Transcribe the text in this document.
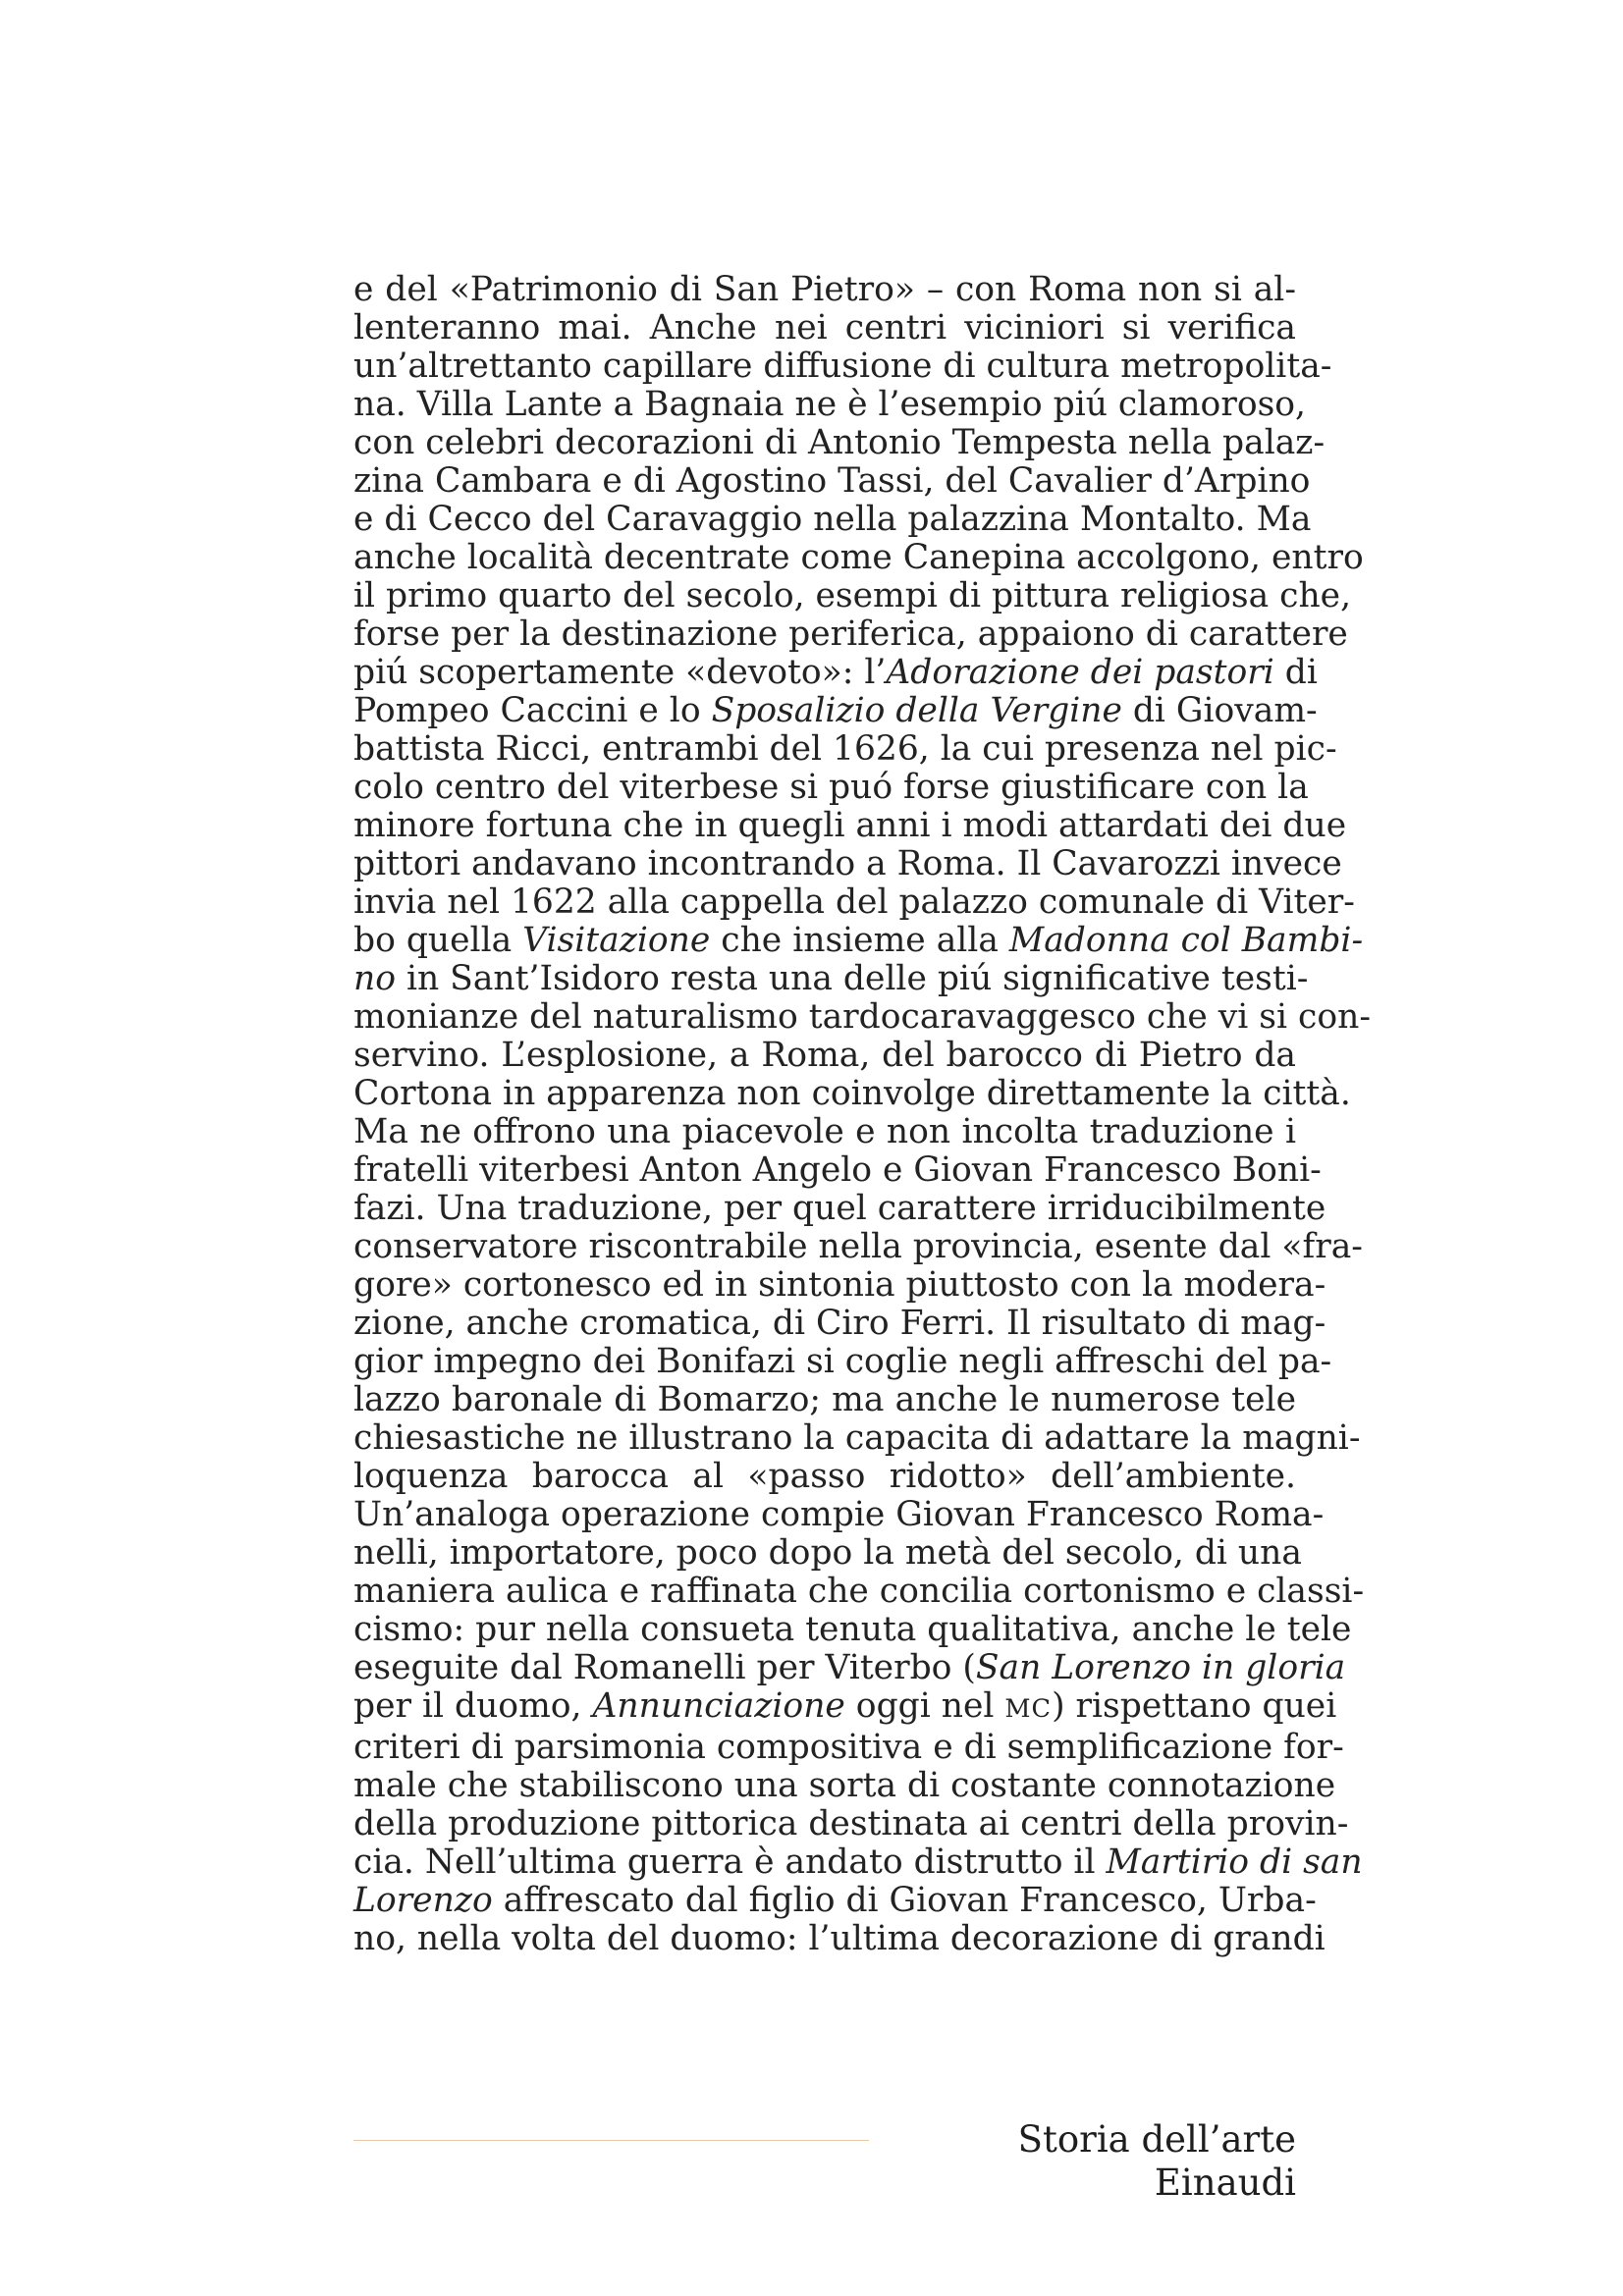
e del «Patrimonio di San Pietro» – con Roma non si al-
lenteranno mai. Anche nei centri viciniori si verifica
un’altrettanto capillare diffusione di cultura metropolita-
na. Villa Lante a Bagnaia ne è l’esempio piú clamoroso,
con celebri decorazioni di Antonio Tempesta nella palaz-
zina Cambara e di Agostino Tassi, del Cavalier d’Arpino
e di Cecco del Caravaggio nella palazzina Montalto. Ma
anche località decentrate come Canepina accolgono, entro
il primo quarto del secolo, esempi di pittura religiosa che,
forse per la destinazione periferica, appaiono di carattere
piú scopertamente «devoto»: l’Adorazione dei pastori di
Pompeo Caccini e lo Sposalizio della Vergine di Giovam-
battista Ricci, entrambi del 1626, la cui presenza nel pic-
colo centro del viterbese si puó forse giustificare con la
minore fortuna che in quegli anni i modi attardati dei due
pittori andavano incontrando a Roma. Il Cavarozzi invece
invia nel 1622 alla cappella del palazzo comunale di Viter-
bo quella Visitazione che insieme alla Madonna col Bambi-
no in Sant’Isidoro resta una delle piú significative testi-
monianze del naturalismo tardocaravaggesco che vi si con-
servino. L’esplosione, a Roma, del barocco di Pietro da
Cortona in apparenza non coinvolge direttamente la città.
Ma ne offrono una piacevole e non incolta traduzione i
fratelli viterbesi Anton Angelo e Giovan Francesco Boni-
fazi. Una traduzione, per quel carattere irriducibilmente
conservatore riscontrabile nella provincia, esente dal «fra-
gore» cortonesco ed in sintonia piuttosto con la modera-
zione, anche cromatica, di Ciro Ferri. Il risultato di mag-
gior impegno dei Bonifazi si coglie negli affreschi del pa-
lazzo baronale di Bomarzo; ma anche le numerose tele
chiesastiche ne illustrano la capacita di adattare la magni-
loquenza barocca al «passo ridotto» dell’ambiente.
Un’analoga operazione compie Giovan Francesco Roma-
nelli, importatore, poco dopo la metà del secolo, di una
maniera aulica e raffinata che concilia cortonismo e classi-
cismo: pur nella consueta tenuta qualitativa, anche le tele
eseguite dal Romanelli per Viterbo (San Lorenzo in gloria
per il duomo, Annunciazione oggi nel MC) rispettano quei
criteri di parsimonia compositiva e di semplificazione for-
male che stabiliscono una sorta di costante connotazione
della produzione pittorica destinata ai centri della provin-
cia. Nell’ultima guerra è andato distrutto il Martirio di san
Lorenzo affrescato dal figlio di Giovan Francesco, Urba-
no, nella volta del duomo: l’ultima decorazione di grandi
Storia dell’arte Einaudi
